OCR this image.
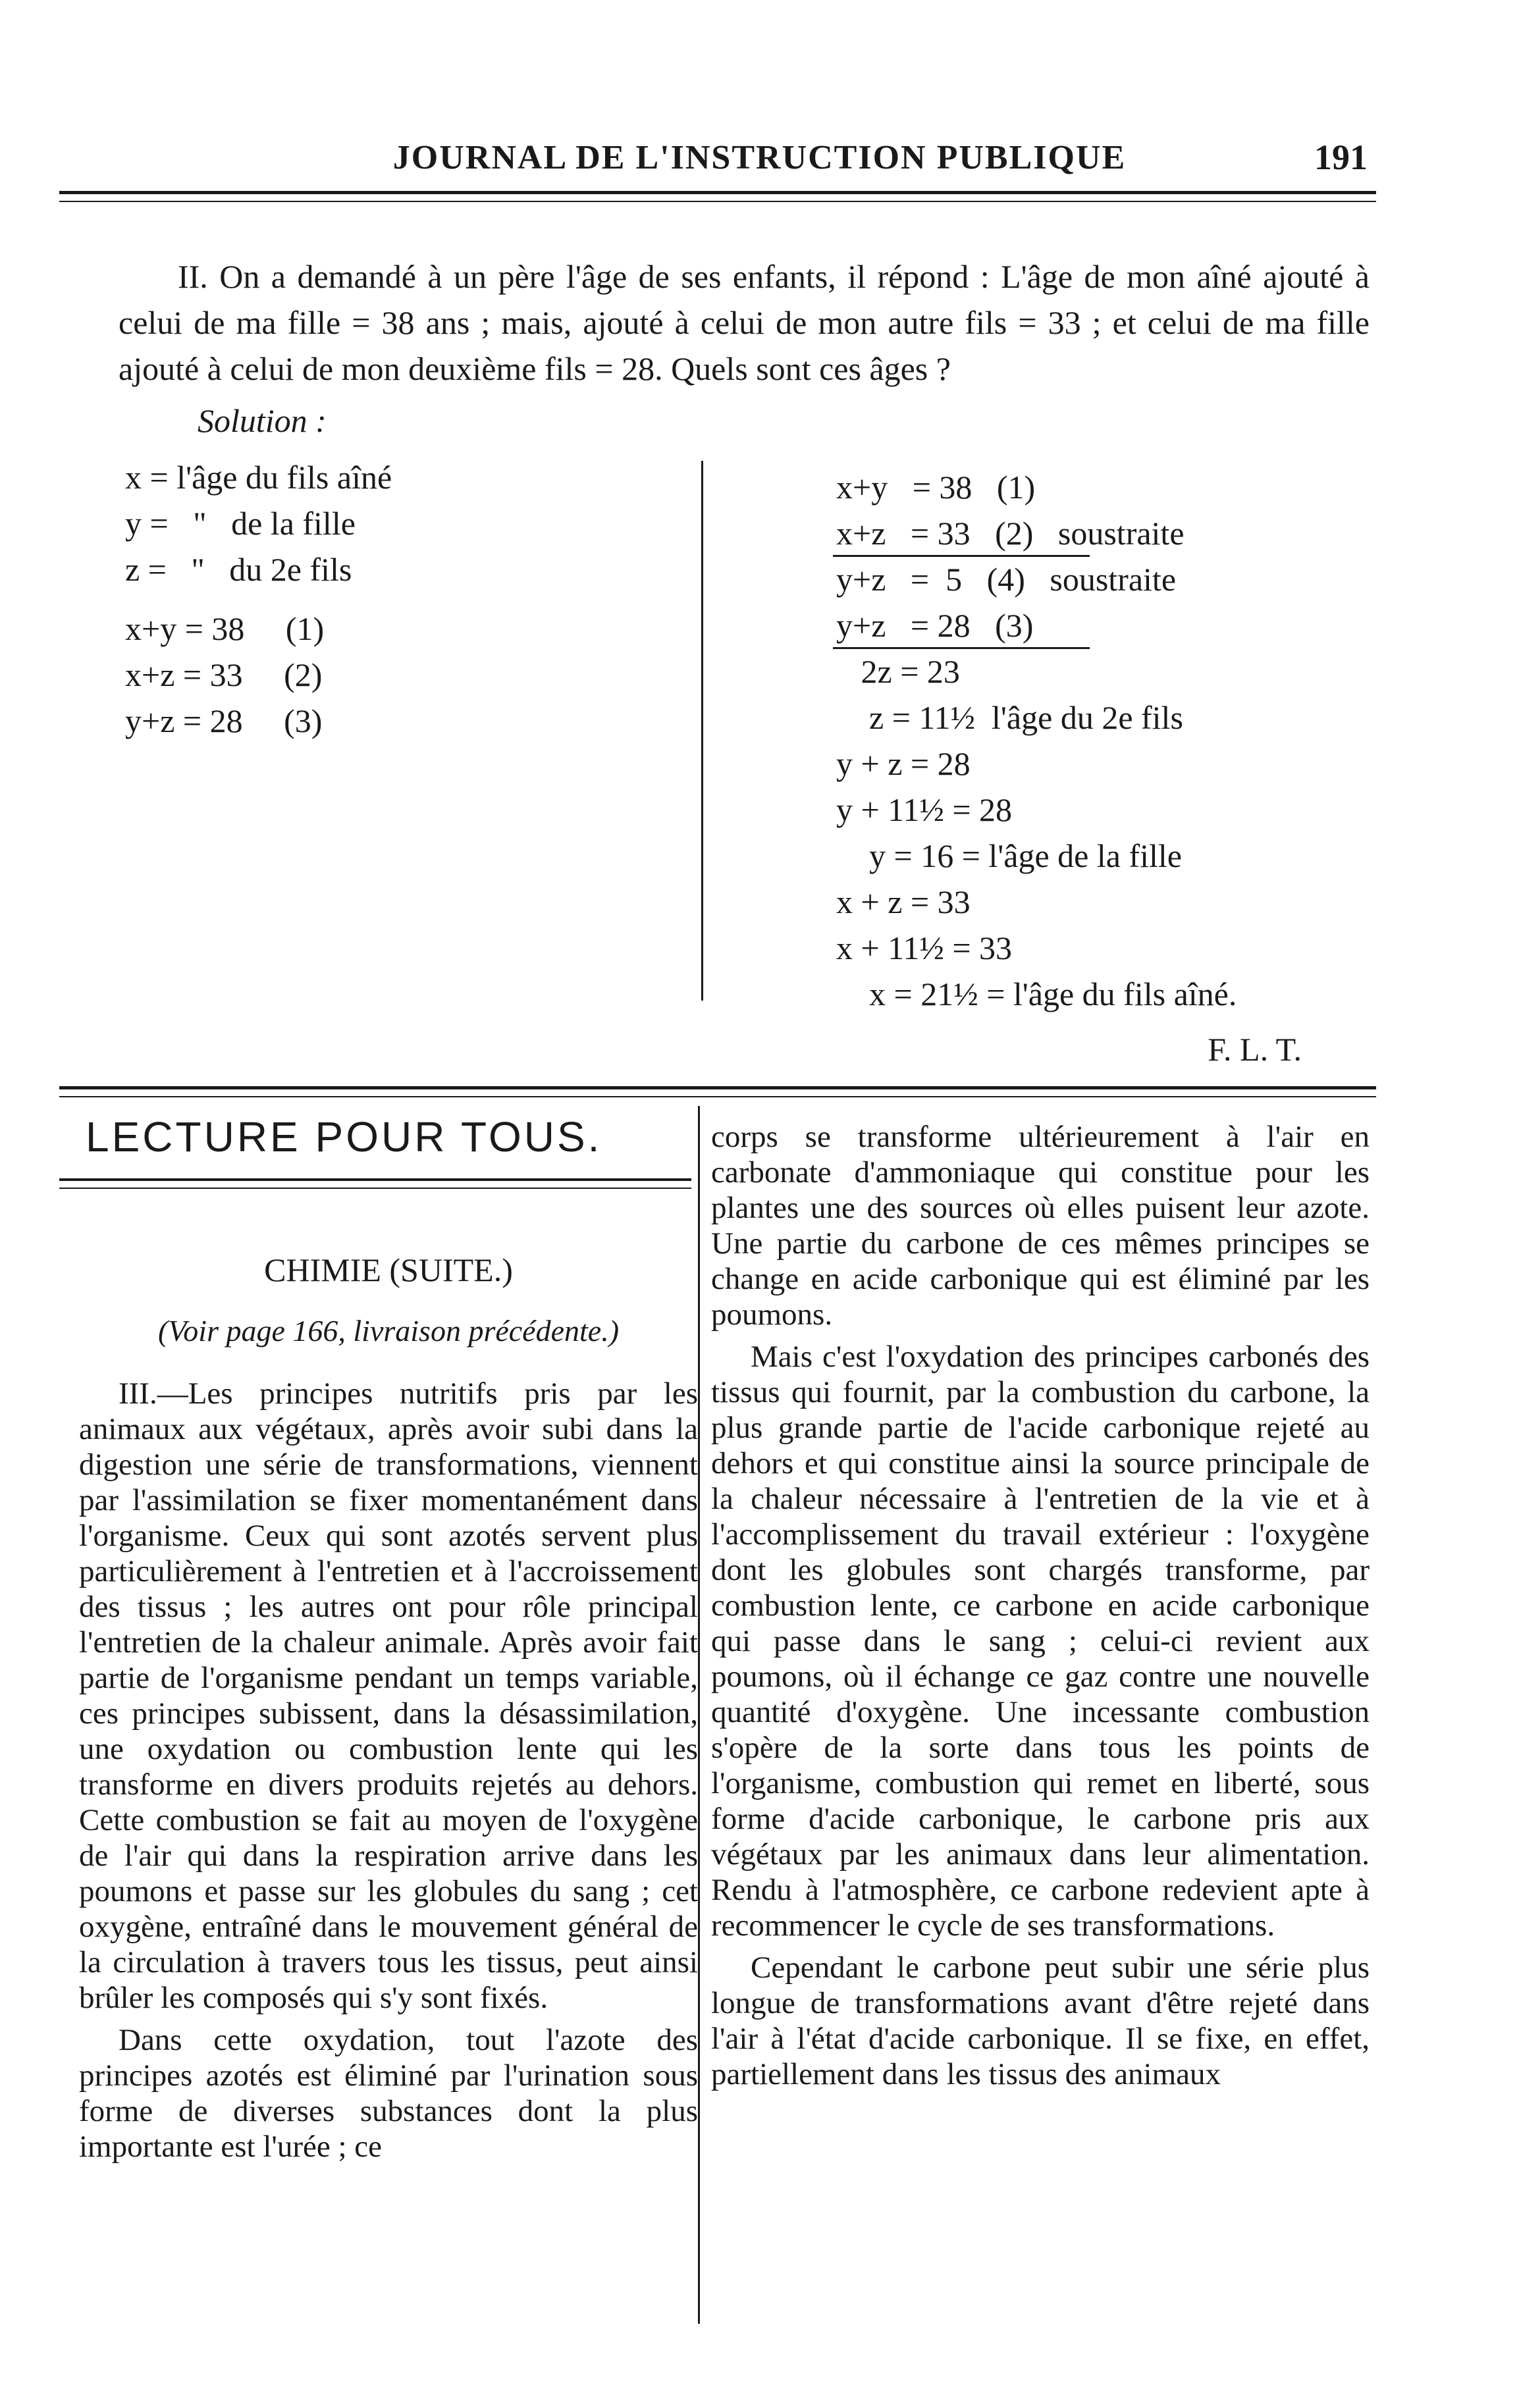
JOURNAL DE L'INSTRUCTION PUBLIQUE	191

II. On a demandé à un père l'âge de ses enfants, il répond : L'âge de mon aîné ajouté à celui de ma fille = 38 ans ; mais, ajouté à celui de mon autre fils = 33 ; et celui de ma fille ajouté à celui de mon deuxième fils = 28. Quels sont ces âges ?

Solution :
x = l'âge du fils aîné
y =   "   de la fille
z =   "   du 2e fils
x+y = 38     (1)
x+z = 33     (2)
y+z = 28     (3)
x+y   = 38   (1)
x+z   = 33   (2)   soustraite
y+z   =  5   (4)   soustraite
y+z   = 28   (3)
2z = 23
z = 11½  l'âge du 2e fils
y + z = 28
y + 11½ = 28
y = 16 = l'âge de la fille
x + z = 33
x + 11½ = 33
x = 21½ = l'âge du fils aîné.
F. L. T.
LECTURE POUR TOUS.
CHIMIE (SUITE.)
(Voir page 166, livraison précédente.)

III.—Les principes nutritifs pris par les animaux aux végétaux, après avoir subi dans la digestion une série de transformations, viennent par l'assimilation se fixer momentanément dans l'organisme. Ceux qui sont azotés servent plus particulièrement à l'entretien et à l'accroissement des tissus ; les autres ont pour rôle principal l'entretien de la chaleur animale. Après avoir fait partie de l'organisme pendant un temps variable, ces principes subissent, dans la désassimilation, une oxydation ou combustion lente qui les transforme en divers produits rejetés au dehors. Cette combustion se fait au moyen de l'oxygène de l'air qui dans la respiration arrive dans les poumons et passe sur les globules du sang ; cet oxygène, entraîné dans le mouvement général de la circulation à travers tous les tissus, peut ainsi brûler les composés qui s'y sont fixés.

Dans cette oxydation, tout l'azote des principes azotés est éliminé par l'urination sous forme de diverses substances dont la plus importante est l'urée ; ce

corps se transforme ultérieurement à l'air en carbonate d'ammoniaque qui constitue pour les plantes une des sources où elles puisent leur azote. Une partie du carbone de ces mêmes principes se change en acide carbonique qui est éliminé par les poumons.

Mais c'est l'oxydation des principes carbonés des tissus qui fournit, par la combustion du carbone, la plus grande partie de l'acide carbonique rejeté au dehors et qui constitue ainsi la source principale de la chaleur nécessaire à l'entretien de la vie et à l'accomplissement du travail extérieur : l'oxygène dont les globules sont chargés transforme, par combustion lente, ce carbone en acide carbonique qui passe dans le sang ; celui-ci revient aux poumons, où il échange ce gaz contre une nouvelle quantité d'oxygène. Une incessante combustion s'opère de la sorte dans tous les points de l'organisme, combustion qui remet en liberté, sous forme d'acide carbonique, le carbone pris aux végétaux par les animaux dans leur alimentation. Rendu à l'atmosphère, ce carbone redevient apte à recommencer le cycle de ses transformations.

Cependant le carbone peut subir une série plus longue de transformations avant d'être rejeté dans l'air à l'état d'acide carbonique. Il se fixe, en effet, partiellement dans les tissus des animaux
